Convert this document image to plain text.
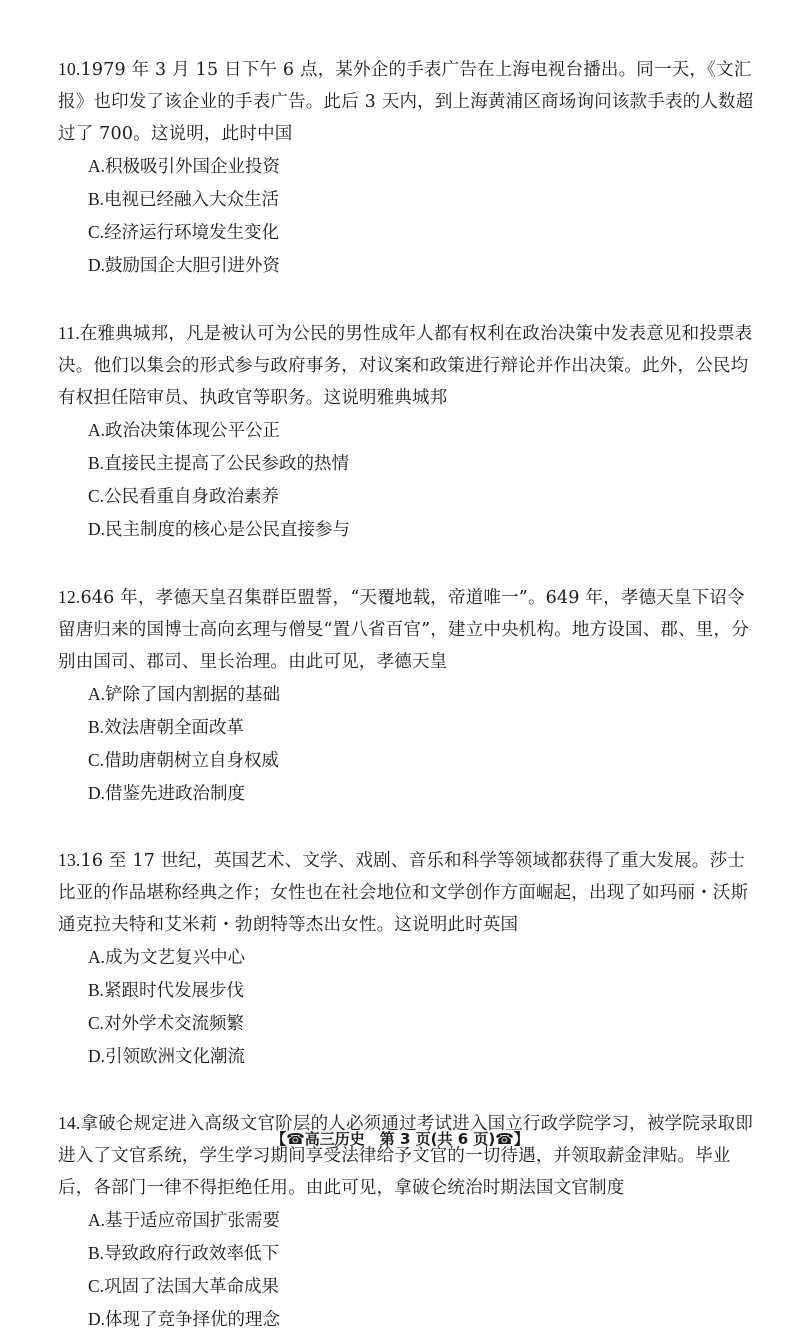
10.1979 年 3 月 15 日下午 6 点，某外企的手表广告在上海电视台播出。同一天，《文汇报》也印发了该企业的手表广告。此后 3 天内，到上海黄浦区商场询问该款手表的人数超过了 700。这说明，此时中国

A.积极吸引外国企业投资

B.电视已经融入大众生活

C.经济运行环境发生变化

D.鼓励国企大胆引进外资

11.在雅典城邦，凡是被认可为公民的男性成年人都有权利在政治决策中发表意见和投票表决。他们以集会的形式参与政府事务，对议案和政策进行辩论并作出决策。此外，公民均有权担任陪审员、执政官等职务。这说明雅典城邦

A.政治决策体现公平公正

B.直接民主提高了公民参政的热情

C.公民看重自身政治素养

D.民主制度的核心是公民直接参与

12.646 年，孝德天皇召集群臣盟誓，“天覆地载，帝道唯一”。649 年，孝德天皇下诏令留唐归来的国博士高向玄理与僧旻“置八省百官”，建立中央机构。地方设国、郡、里，分别由国司、郡司、里长治理。由此可见，孝德天皇

A.铲除了国内割据的基础

B.效法唐朝全面改革

C.借助唐朝树立自身权威

D.借鉴先进政治制度

13.16 至 17 世纪，英国艺术、文学、戏剧、音乐和科学等领域都获得了重大发展。莎士比亚的作品堪称经典之作；女性也在社会地位和文学创作方面崛起，出现了如玛丽・沃斯通克拉夫特和艾米莉・勃朗特等杰出女性。这说明此时英国

A.成为文艺复兴中心

B.紧跟时代发展步伐

C.对外学术交流频繁

D.引领欧洲文化潮流

14.拿破仑规定进入高级文官阶层的人必须通过考试进入国立行政学院学习，被学院录取即进入了文官系统，学生学习期间享受法律给予文官的一切待遇，并领取薪金津贴。毕业后，各部门一律不得拒绝任用。由此可见，拿破仑统治时期法国文官制度

A.基于适应帝国扩张需要

B.导致政府行政效率低下

C.巩固了法国大革命成果

D.体现了竞争择优的理念

【☎高三历史　第 3 页(共 6 页)☎】
